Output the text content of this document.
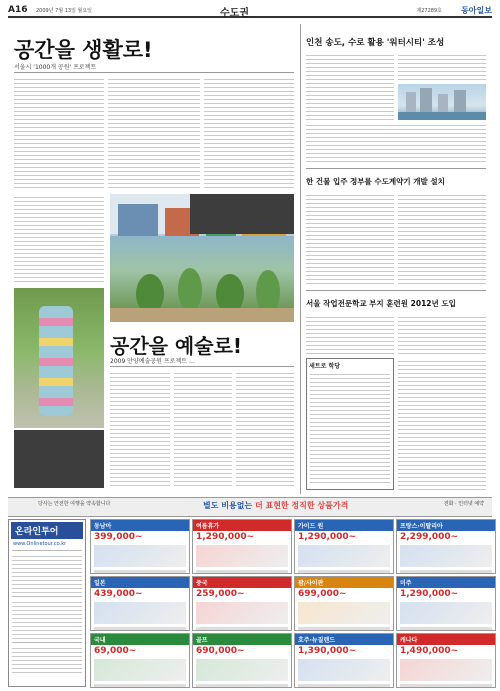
A16 2009년 7월 13일 월요일	수도권	제27289호 동아일보
공간을 생활로!
서울시 '1000개 공원' 프로젝트
공간을 예술로!
2009 안양예술공원 프로젝트 …
인천 송도, 수로 활용 '워터시티' 조성
한 건물 입주 정부를 수도계약기 개발 설치
서울 작업전문학교 부지 훈련원 2012년 도입
세트로 학당
당사는 안전한 여행을 약속합니다	별도 비용없는 더 표현한 정직한 상품가격	전화 · 인터넷 예약
온라인투어
www.Onlinetour.co.kr
동남아
399,000~
여름휴가
1,290,000~
가이드 원
1,290,000~
프랑스·이탈리아
2,299,000~
일본
439,000~
중국
259,000~
괌/사이판
699,000~
미주
1,290,000~
국내
69,000~
골프
690,000~
호주·뉴질랜드
1,390,000~
캐나다
1,490,000~
